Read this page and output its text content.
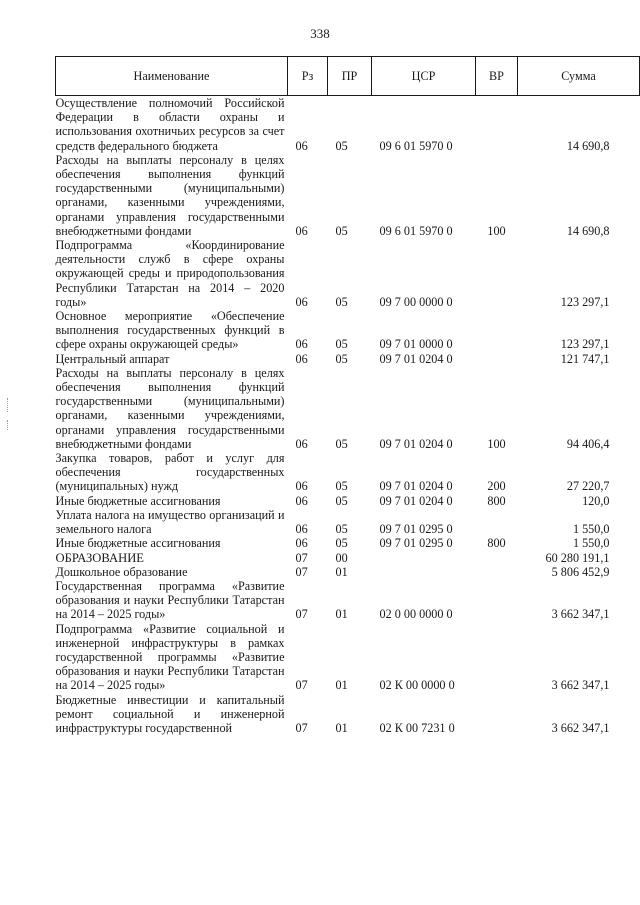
338
Наименование	Рз	ПР	ЦСР	ВР	Сумма
Осуществление полномочий Российской Федерации в области охраны и использования охотничьих ресурсов за счет средств федерального бюджета	06	05	09 6 01 5970 0		14 690,8
Расходы на выплаты персоналу в целях обеспечения выполнения функций государственными (муниципальными) органами, казенными учреждениями, органами управления государственными внебюджетными фондами	06	05	09 6 01 5970 0	100	14 690,8
Подпрограмма «Координирование деятельности служб в сфере охраны окружающей среды и природопользования Республики Татарстан на 2014 – 2020 годы»	06	05	09 7 00 0000 0		123 297,1
Основное мероприятие «Обеспечение выполнения государственных функций в сфере охраны окружающей среды»	06	05	09 7 01 0000 0		123 297,1
Центральный аппарат	06	05	09 7 01 0204 0		121 747,1
Расходы на выплаты персоналу в целях обеспечения выполнения функций государственными (муниципальными) органами, казенными учреждениями, органами управления государственными внебюджетными фондами	06	05	09 7 01 0204 0	100	94 406,4
Закупка товаров, работ и услуг для обеспечения государственных (муниципальных) нужд	06	05	09 7 01 0204 0	200	27 220,7
Иные бюджетные ассигнования	06	05	09 7 01 0204 0	800	120,0
Уплата налога на имущество организаций и земельного налога	06	05	09 7 01 0295 0		1 550,0
Иные бюджетные ассигнования	06	05	09 7 01 0295 0	800	1 550,0
ОБРАЗОВАНИЕ	07	00			60 280 191,1
Дошкольное образование	07	01			5 806 452,9
Государственная программа «Развитие образования и науки Республики Татарстан на 2014 – 2025 годы»	07	01	02 0 00 0000 0		3 662 347,1
Подпрограмма «Развитие социальной и инженерной инфраструктуры в рамках государственной программы «Развитие образования и науки Республики Татарстан на 2014 – 2025 годы»	07	01	02 К 00 0000 0		3 662 347,1
Бюджетные инвестиции и капитальный ремонт социальной и инженерной инфраструктуры государственной	07	01	02 К 00 7231 0		3 662 347,1
